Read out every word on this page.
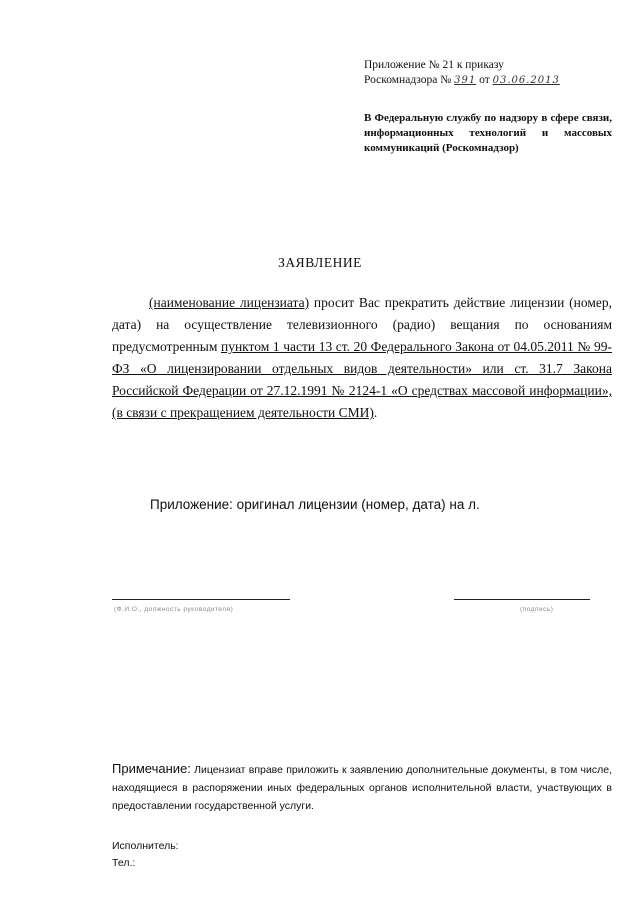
Приложение № 21 к приказу
Роскомнадзора № 391 от 03.06.2013
В Федеральную службу по надзору в сфере связи, информационных технологий и массовых коммуникаций (Роскомнадзор)
ЗАЯВЛЕНИЕ

(наименование лицензиата) просит Вас прекратить действие лицензии (номер, дата) на осуществление телевизионного (радио) вещания по основаниям предусмотренным пунктом 1 части 13 ст. 20 Федерального Закона от 04.05.2011 № 99-ФЗ «О лицензировании отдельных видов деятельности» или ст. 31.7 Закона Российской Федерации от 27.12.1991 № 2124-1 «О средствах массовой информации», (в связи с прекращением деятельности СМИ).

Приложение: оригинал лицензии (номер, дата) на л.
(Ф.И.О., должность руководителя)	(подпись)

Примечание: Лицензиат вправе приложить к заявлению дополнительные документы, в том числе, находящиеся в распоряжении иных федеральных органов исполнительной власти, участвующих в предоставлении государственной услуги.

Исполнитель:
Тел.:
